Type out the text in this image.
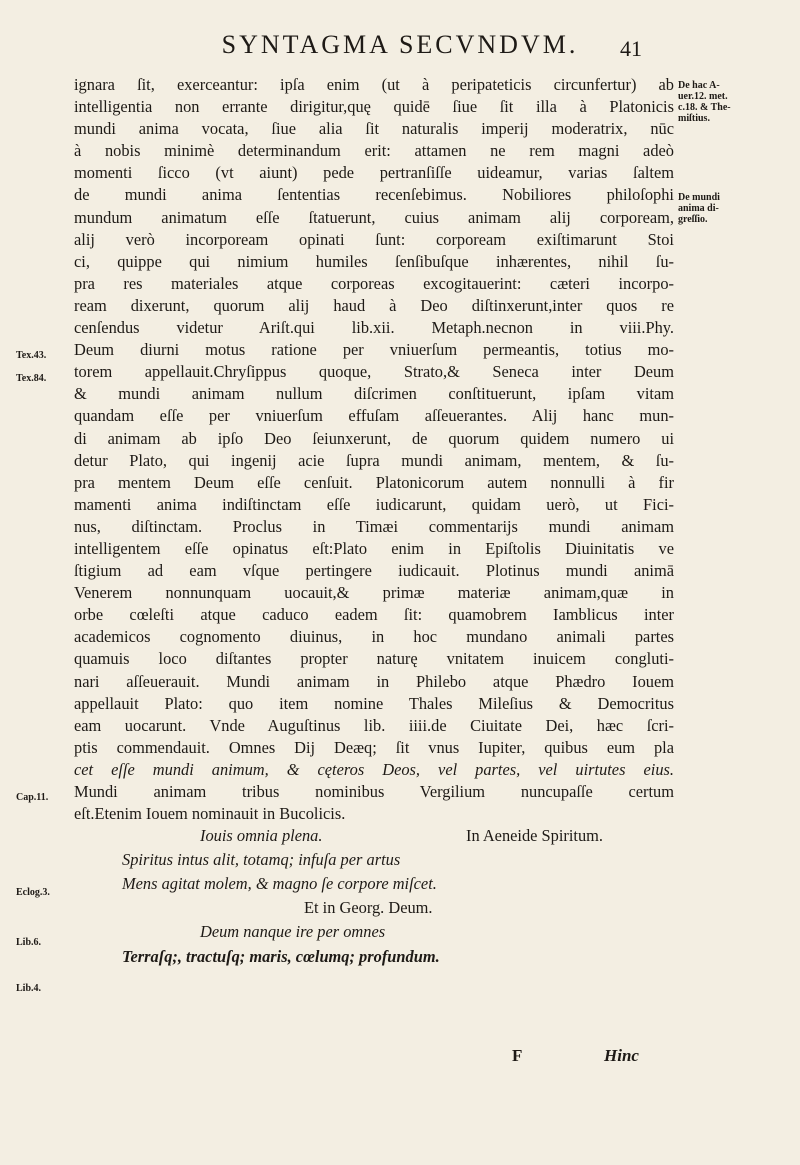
SYNTAGMA SECVNDVM.	41
ignara ſit, exerceantur: ipſa enim (ut à peripateticis circunfertur) ab
intelligentia non errante dirigitur,quę quidē ſiue ſit illa à Platonicis
mundi anima vocata, ſiue alia ſit naturalis imperij moderatrix, nūc
à nobis minimè determinandum erit: attamen ne rem magni adeò
momenti ſicco (vt aiunt) pede pertranſiſſe uideamur, varias ſaltem
de mundi anima ſententias recenſebimus. Nobiliores philoſophi
mundum animatum eſſe ſtatuerunt, cuius animam alij corpoream,
alij verò incorpoream opinati ſunt: corpoream exiſtimarunt Stoi
ci, quippe qui nimium humiles ſenſibuſque inhærentes, nihil ſu-
pra res materiales atque corporeas excogitauerint: cæteri incorpo-
ream dixerunt, quorum alij haud à Deo diſtinxerunt,inter quos re
cenſendus videtur Ariſt.qui lib.xii. Metaph.necnon in viii.Phy.
Deum diurni motus ratione per vniuerſum permeantis, totius mo-
torem appellauit.Chryſippus quoque, Strato,& Seneca inter Deum
& mundi animam nullum diſcrimen conſtituerunt, ipſam vitam
quandam eſſe per vniuerſum effuſam aſſeuerantes. Alij hanc mun-
di animam ab ipſo Deo ſeiunxerunt, de quorum quidem numero ui
detur Plato, qui ingenij acie ſupra mundi animam, mentem, & ſu-
pra mentem Deum eſſe cenſuit. Platonicorum autem nonnulli à fir
mamenti anima indiſtinctam eſſe iudicarunt, quidam uerò, ut Fici-
nus, diſtinctam. Proclus in Timæi commentarijs mundi animam
intelligentem eſſe opinatus eſt:Plato enim in Epiſtolis Diuinitatis ve
ſtigium ad eam vſque pertingere iudicauit. Plotinus mundi animā
Venerem nonnunquam uocauit,& primæ materiæ animam,quæ in
orbe cœleſti atque caduco eadem ſit: quamobrem Iamblicus inter
academicos cognomento diuinus, in hoc mundano animali partes
quamuis loco diſtantes propter naturę vnitatem inuicem congluti-
nari aſſeuerauit. Mundi animam in Philebo atque Phædro Iouem
appellauit Plato: quo item nomine Thales Mileſius & Democritus
eam uocarunt. Vnde Auguſtinus lib. iiii.de Ciuitate Dei, hæc ſcri-
ptis commendauit. Omnes Dij Deæq; ſit vnus Iupiter, quibus eum pla
cet eſſe mundi animum, & cęteros Deos, vel partes, vel uirtutes eius.
Mundi animam tribus nominibus Vergilium nuncupaſſe certum
eſt.Etenim Iouem nominauit in Bucolicis.
Iouis omnia plena.	In Aeneide Spiritum.
Spiritus intus alit, totamq; infuſa per artus
Mens agitat molem, & magno ſe corpore miſcet.
Et in Georg. Deum.
Deum nanque ire per omnes
Terraſq;, tractuſq; maris, cœlumq; profundum.
Tex.43.
Tex.84.
Cap.11.
Eclog.3.
Lib.6.
Lib.4.
De hac A-
uer.12. met.
c.18. & The-
miſtius.
De mundi
anima di-
greſſio.
F	Hinc
